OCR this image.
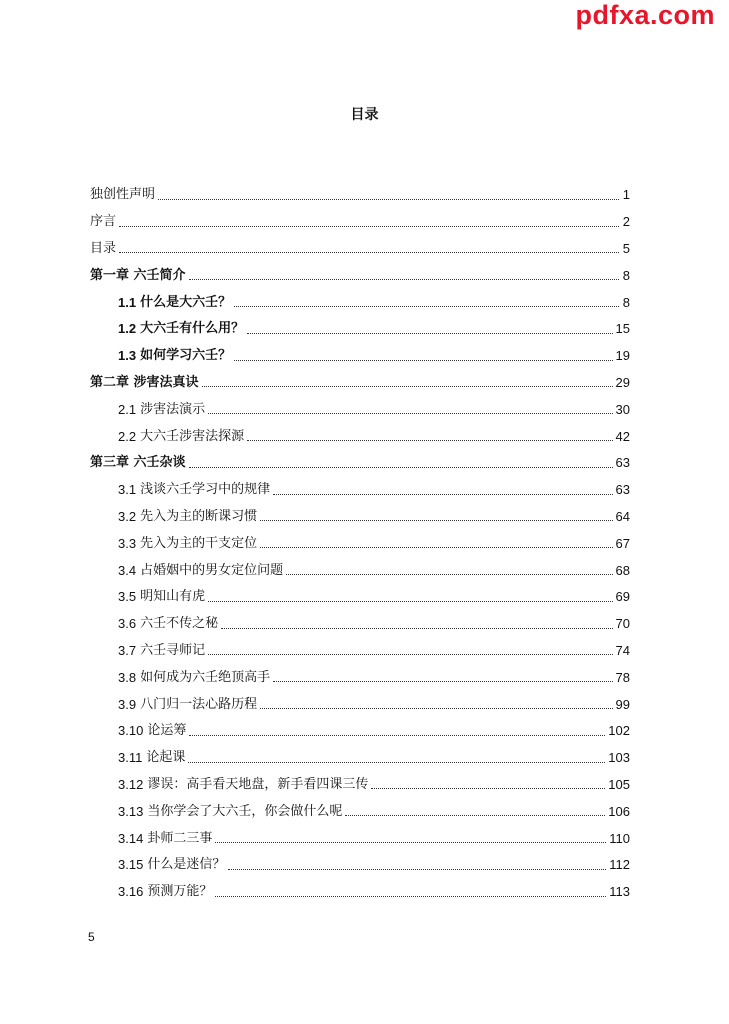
pdfxa.com
目录
独创性声明	1
序言	2
目录	5
第一章 六壬简介	8
1.1 什么是大六壬？	8
1.2 大六壬有什么用？	15
1.3 如何学习六壬？	19
第二章 涉害法真诀	29
2.1 涉害法演示	30
2.2 大六壬涉害法探源	42
第三章 六壬杂谈	63
3.1 浅谈六壬学习中的规律	63
3.2 先入为主的断课习惯	64
3.3 先入为主的干支定位	67
3.4 占婚姻中的男女定位问题	68
3.5 明知山有虎	69
3.6 六壬不传之秘	70
3.7 六壬寻师记	74
3.8 如何成为六壬绝顶高手	78
3.9 八门归一法心路历程	99
3.10 论运筹	102
3.11 论起课	103
3.12 谬误：高手看天地盘，新手看四课三传	105
3.13 当你学会了大六壬，你会做什么呢	106
3.14 卦师二三事	110
3.15 什么是迷信？	112
3.16 预测万能？	113
5
